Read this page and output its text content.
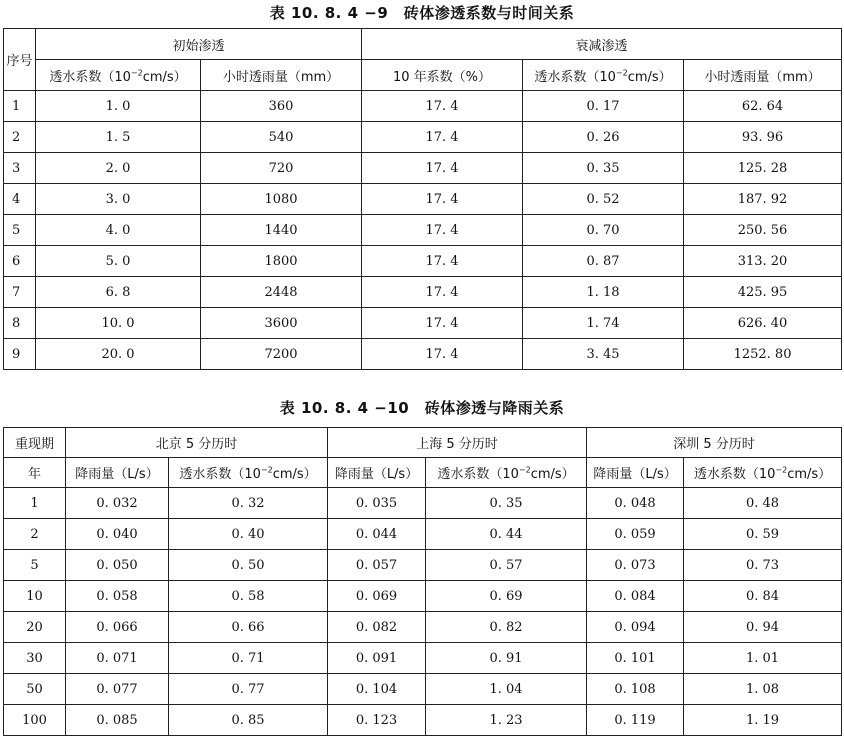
表 10. 8. 4 −9　砖体渗透系数与时间关系
序号	初始渗透		衰减渗透		
	透水系数$(10^{-2}cm/s)$	小时透雨量（mm）	10 年系数（%）	透水系数$(10^{-2}cm/s)$	小时透雨量（mm）
1	1. 0	360	17. 4	0. 17	62. 64
2	1. 5	540	17. 4	0. 26	93. 96
3	2. 0	720	17. 4	0. 35	125. 28
4	3. 0	1080	17. 4	0. 52	187. 92
5	4. 0	1440	17. 4	0. 70	250. 56
6	5. 0	1800	17. 4	0. 87	313. 20
7	6. 8	2448	17. 4	1. 18	425. 95
8	10. 0	3600	17. 4	1. 74	626. 40
9	20. 0	7200	17. 4	3. 45	1252. 80
表 10. 8. 4 −10　砖体渗透与降雨关系
重现期	北京 5 分历时		上海 5 分历时		深圳 5 分历时	
年	降雨量（L/s）	透水系数$(10^{-2}cm/s)$	降雨量（L/s）	透水系数$(10^{-2}cm/s)$	降雨量（L/s）	透水系数$(10^{-2}cm/s)$
1	0. 032	0. 32	0. 035	0. 35	0. 048	0. 48
2	0. 040	0. 40	0. 044	0. 44	0. 059	0. 59
5	0. 050	0. 50	0. 057	0. 57	0. 073	0. 73
10	0. 058	0. 58	0. 069	0. 69	0. 084	0. 84
20	0. 066	0. 66	0. 082	0. 82	0. 094	0. 94
30	0. 071	0. 71	0. 091	0. 91	0. 101	1. 01
50	0. 077	0. 77	0. 104	1. 04	0. 108	1. 08
100	0. 085	0. 85	0. 123	1. 23	0. 119	1. 19
